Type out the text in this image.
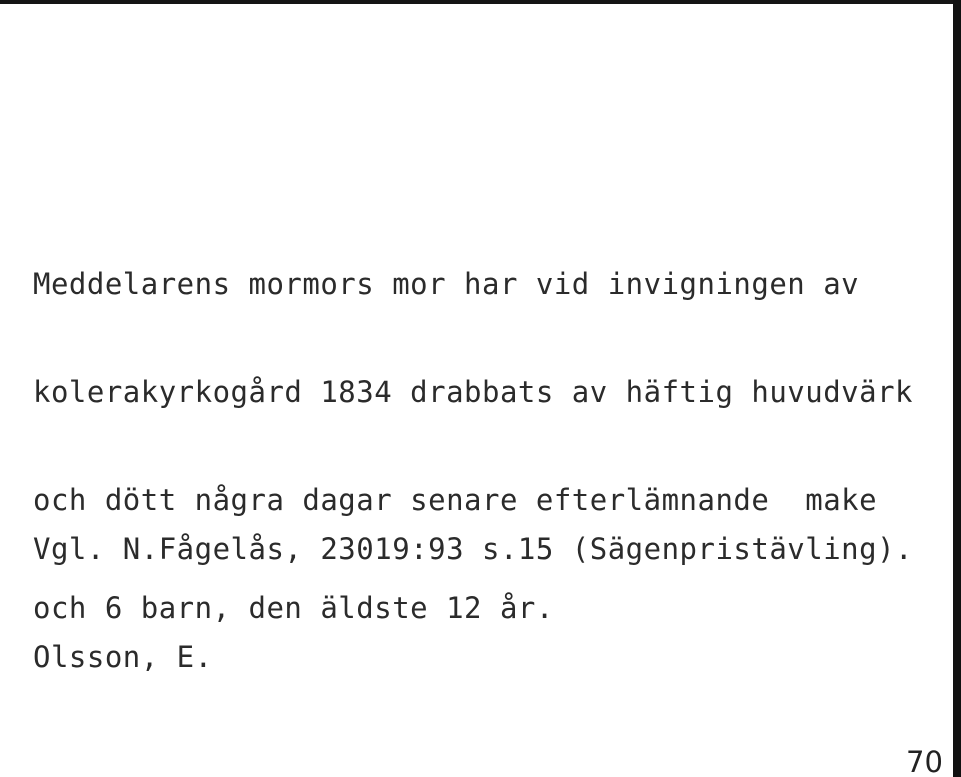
Meddelarens mormors mor har vid invigningen av

kolerakyrkogård 1834 drabbats av häftig huvudvärk

och dött några dagar senare efterlämnande  make

och 6 barn, den äldste 12 år.

Vgl. N.Fågelås, 23019:93 s.15 (Sägenpristävling).

Olsson, E.

70
